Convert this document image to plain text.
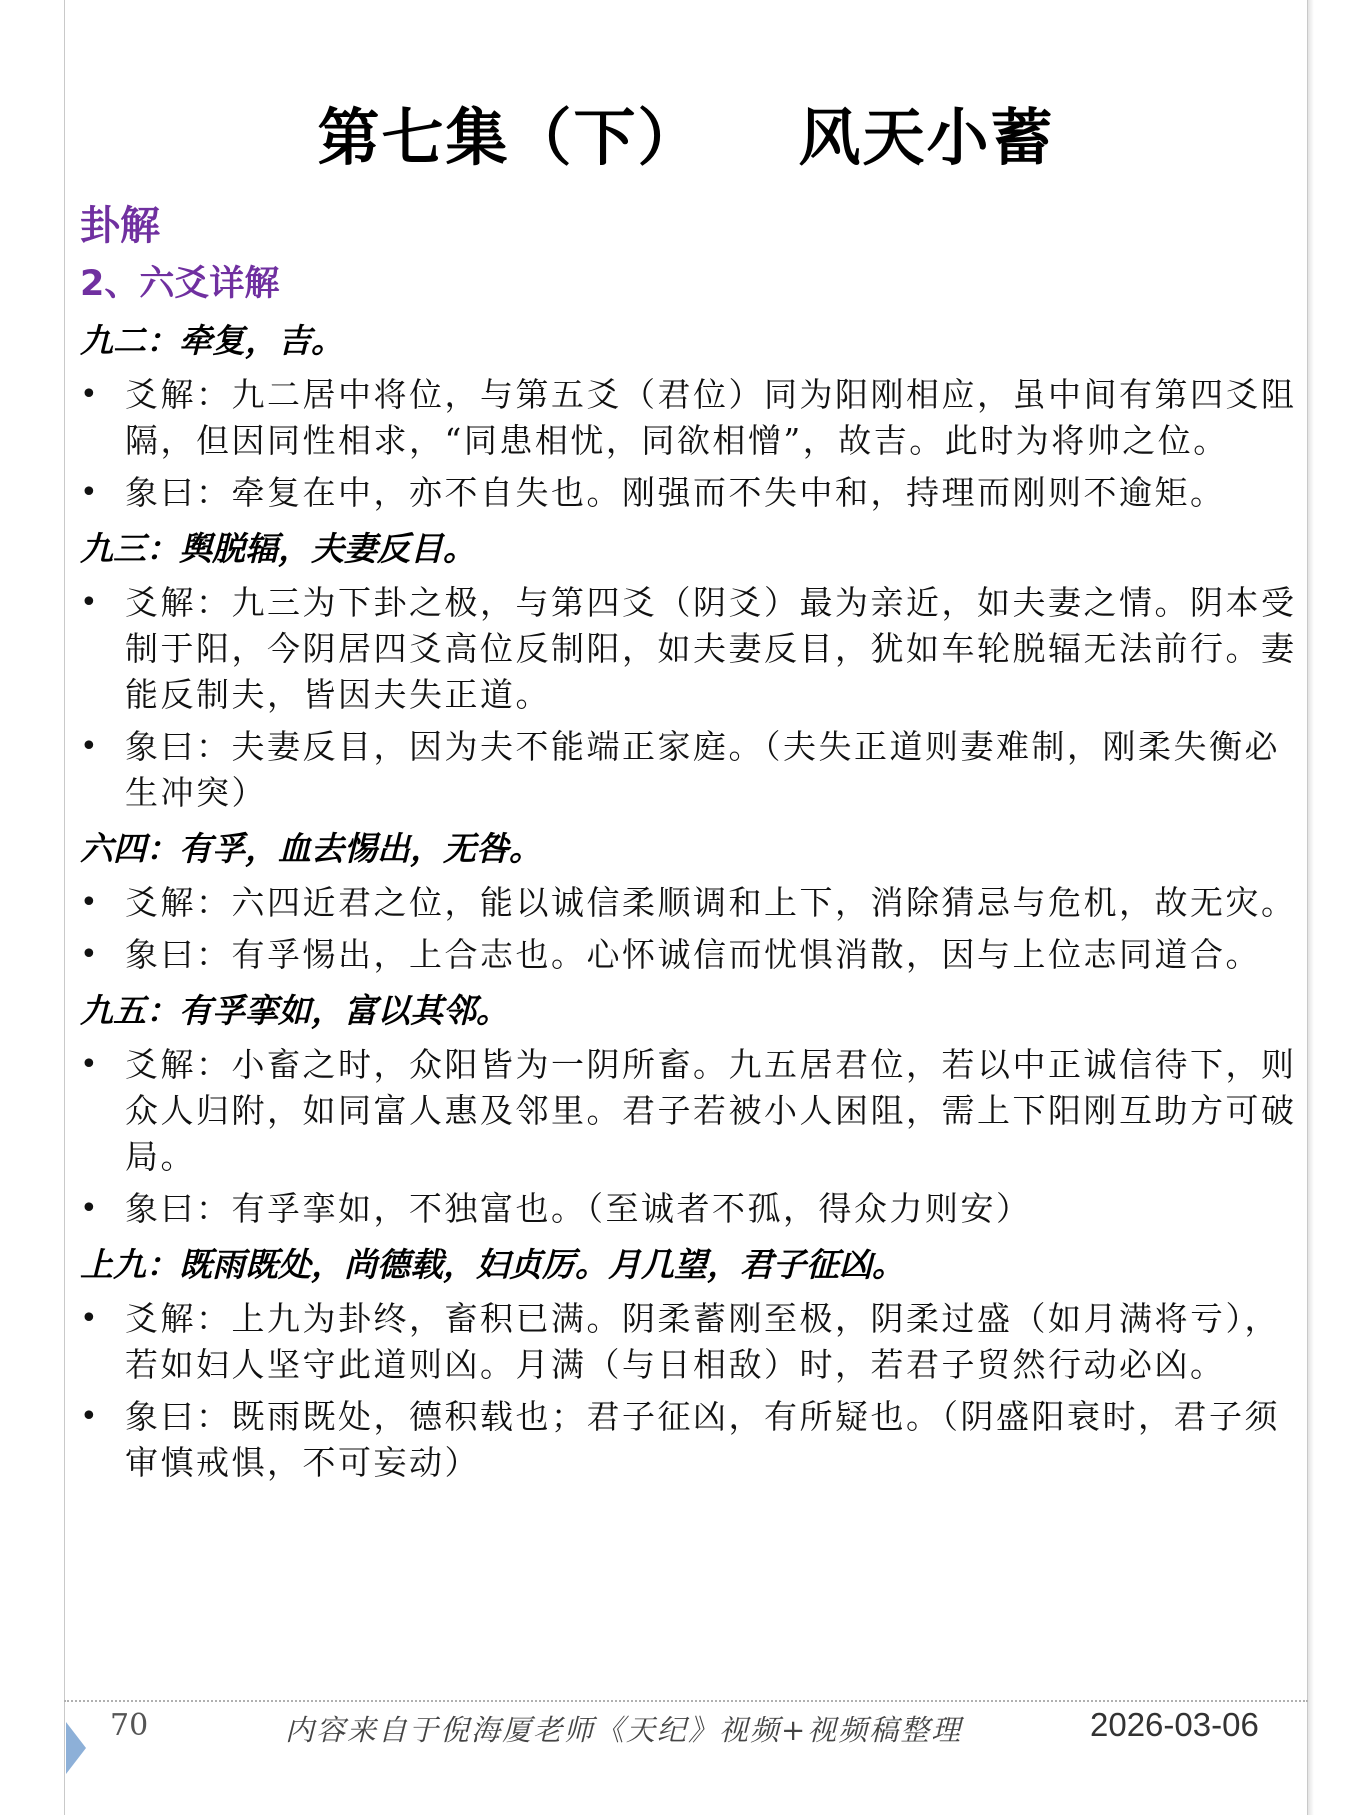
第七集（下）　　风天小蓄
卦解
2、六爻详解
九二：牵复，吉。
• 爻解：九二居中将位，与第五爻（君位）同为阳刚相应，虽中间有第四爻阻隔，但因同性相求，“同患相忧，同欲相憎”，故吉。此时为将帅之位。
• 象曰：牵复在中，亦不自失也。刚强而不失中和，持理而刚则不逾矩。
九三：舆脱辐，夫妻反目。
• 爻解：九三为下卦之极，与第四爻（阴爻）最为亲近，如夫妻之情。阴本受制于阳，今阴居四爻高位反制阳，如夫妻反目，犹如车轮脱辐无法前行。妻能反制夫，皆因夫失正道。
• 象曰：夫妻反目，因为夫不能端正家庭。（夫失正道则妻难制，刚柔失衡必生冲突）
六四：有孚，血去惕出，无咎。
• 爻解：六四近君之位，能以诚信柔顺调和上下，消除猜忌与危机，故无灾。
• 象曰：有孚惕出，上合志也。心怀诚信而忧惧消散，因与上位志同道合。
九五：有孚挛如，富以其邻。
• 爻解：小畜之时，众阳皆为一阴所畜。九五居君位，若以中正诚信待下，则众人归附，如同富人惠及邻里。君子若被小人困阻，需上下阳刚互助方可破局。
• 象曰：有孚挛如，不独富也。（至诚者不孤，得众力则安）
上九：既雨既处，尚德载，妇贞厉。月几望，君子征凶。
• 爻解：上九为卦终，畜积已满。阴柔蓄刚至极，阴柔过盛（如月满将亏），若如妇人坚守此道则凶。月满（与日相敌）时，若君子贸然行动必凶。
• 象曰：既雨既处，德积载也；君子征凶，有所疑也。（阴盛阳衰时，君子须审慎戒惧，不可妄动）
70	内容来自于倪海厦老师《天纪》视频+视频稿整理	2026-03-06
